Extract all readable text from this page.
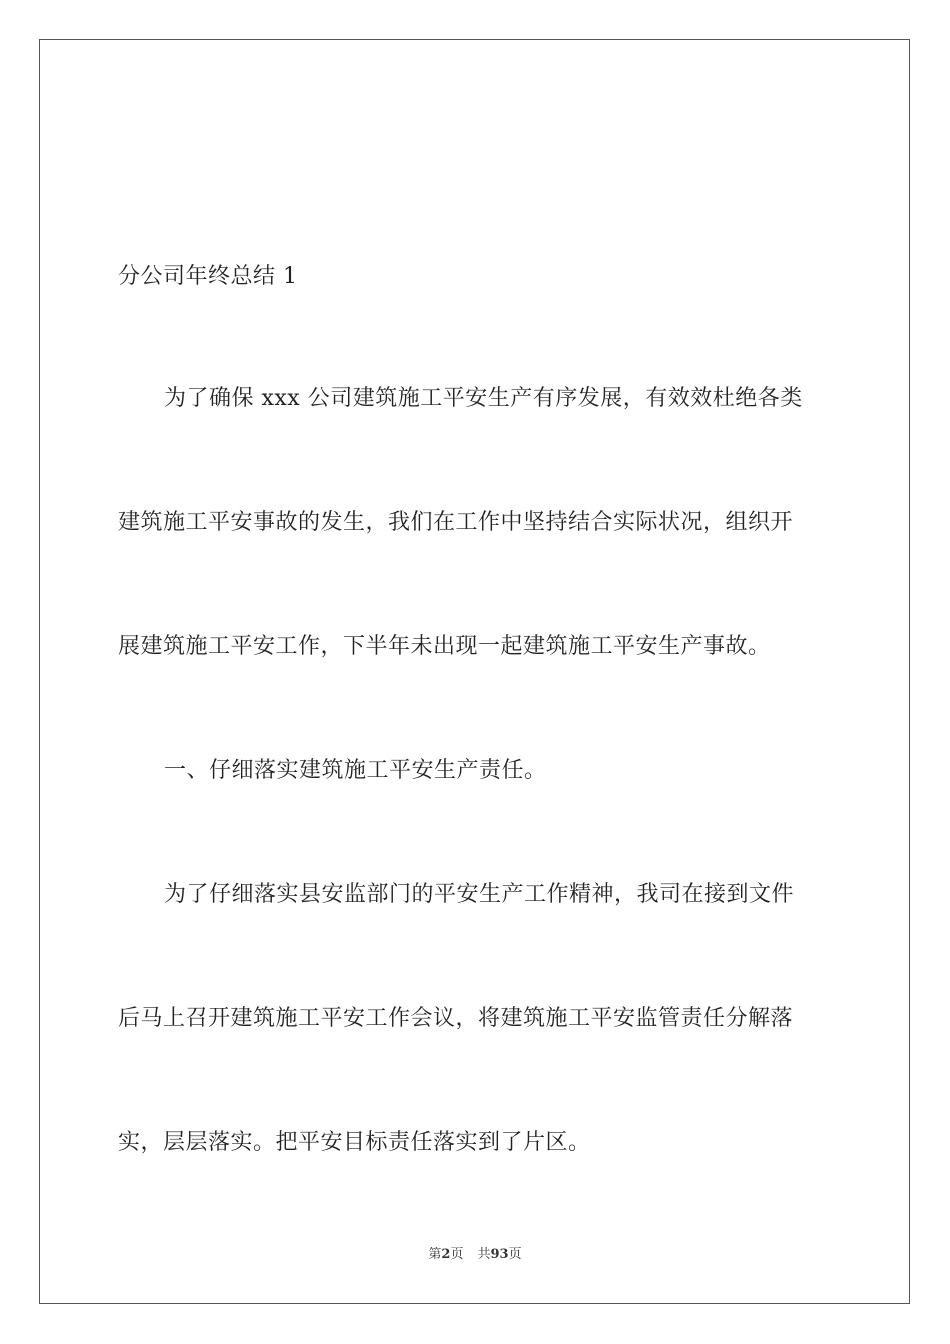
分公司年终总结 1
为了确保 xxx 公司建筑施工平安生产有序发展，有效效杜绝各类
建筑施工平安事故的发生，我们在工作中坚持结合实际状况，组织开
展建筑施工平安工作，下半年未出现一起建筑施工平安生产事故。
一、仔细落实建筑施工平安生产责任。
为了仔细落实县安监部门的平安生产工作精神，我司在接到文件
后马上召开建筑施工平安工作会议，将建筑施工平安监管责任分解落
实，层层落实。把平安目标责任落实到了片区。
第2页 共93页
